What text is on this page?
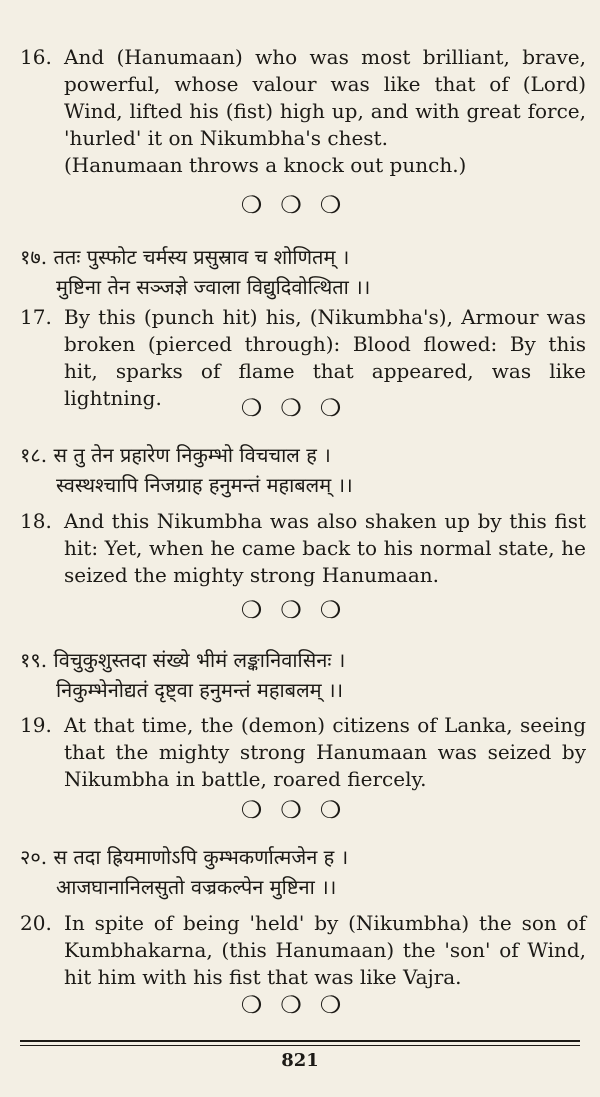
16. And (Hanumaan) who was most brilliant, brave, powerful, whose valour was like that of (Lord) Wind, lifted his (fist) high up, and with great force, 'hurled' it on Nikumbha's chest.

(Hanumaan throws a knock out punch.)

❍❍❍

१७. ततः पुस्फोट चर्मस्य प्रसुस्राव च शोणितम् ।

मुष्टिना तेन सञ्जज्ञे ज्वाला विद्युदिवोत्थिता ।।

17. By this (punch hit) his, (Nikumbha's), Armour was broken (pierced through): Blood flowed: By this hit, sparks of flame that appeared, was like lightning.	❍❍❍

१८. स तु तेन प्रहारेण निकुम्भो विचचाल ह ।

स्वस्थश्चापि निजग्राह हनुमन्तं महाबलम् ।।

18. And this Nikumbha was also shaken up by this fist hit: Yet, when he came back to his normal state, he seized the mighty strong Hanumaan.

❍❍❍

१९. विचुकुशुस्तदा संख्ये भीमं लङ्कानिवासिनः ।

निकुम्भेनोद्यतं दृष्ट्वा हनुमन्तं महाबलम् ।।

19. At that time, the (demon) citizens of Lanka, seeing that the mighty strong Hanumaan was seized by Nikumbha in battle, roared fiercely.

❍❍❍

२०. स तदा ह्रियमाणोऽपि कुम्भकर्णात्मजेन ह ।

आजघानानिलसुतो वज्रकल्पेन मुष्टिना ।।

20. In spite of being 'held' by (Nikumbha) the son of Kumbhakarna, (this Hanumaan) the 'son' of Wind, hit him with his fist that was like Vajra.

❍❍❍
821
